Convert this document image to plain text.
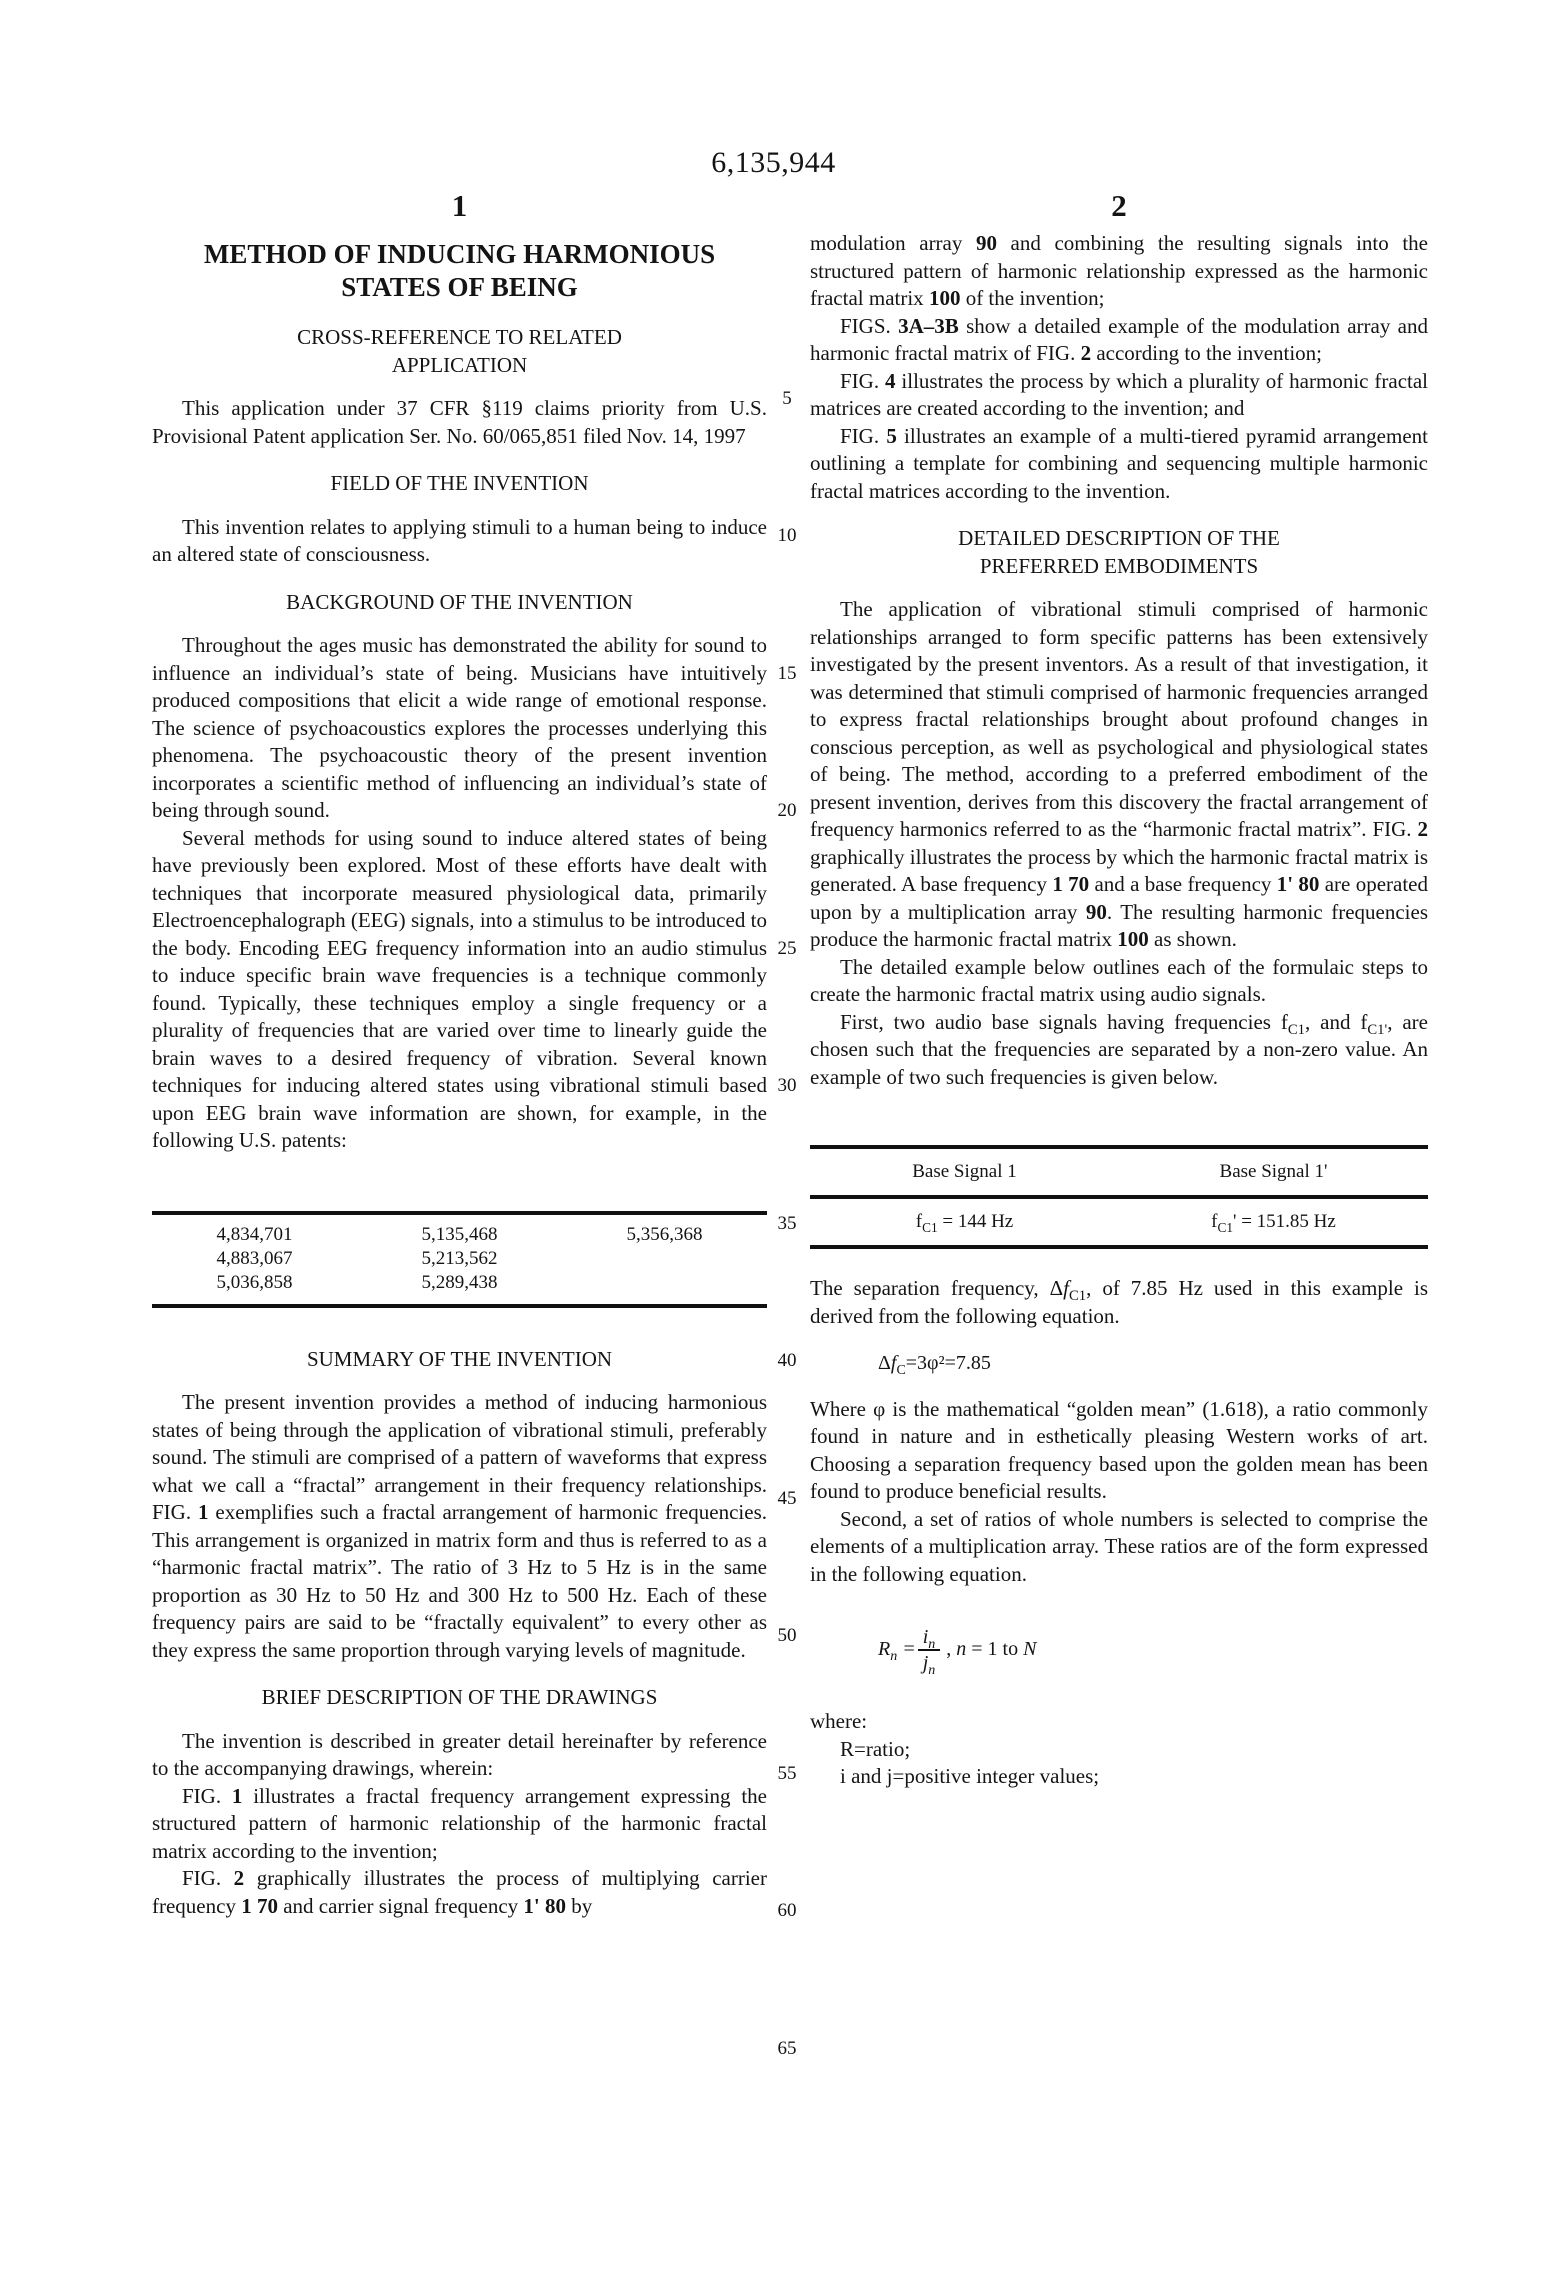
6,135,944
1	2
5
10
15
20
25
30
35
40
45
50
55
60
65
METHOD OF INDUCING HARMONIOUS STATES OF BEING
CROSS-REFERENCE TO RELATED APPLICATION

This application under 37 CFR §119 claims priority from U.S. Provisional Patent application Ser. No. 60/065,851 filed Nov. 14, 1997

FIELD OF THE INVENTION

This invention relates to applying stimuli to a human being to induce an altered state of consciousness.

BACKGROUND OF THE INVENTION

Throughout the ages music has demonstrated the ability for sound to influence an individual’s state of being. Musicians have intuitively produced compositions that elicit a wide range of emotional response. The science of psychoacoustics explores the processes underlying this phenomena. The psychoacoustic theory of the present invention incorporates a scientific method of influencing an individual’s state of being through sound.

Several methods for using sound to induce altered states of being have previously been explored. Most of these efforts have dealt with techniques that incorporate measured physiological data, primarily Electroencephalograph (EEG) signals, into a stimulus to be introduced to the body. Encoding EEG frequency information into an audio stimulus to induce specific brain wave frequencies is a technique commonly found. Typically, these techniques employ a single frequency or a plurality of frequencies that are varied over time to linearly guide the brain waves to a desired frequency of vibration. Several known techniques for inducing altered states using vibrational stimuli based upon EEG brain wave information are shown, for example, in the following U.S. patents:

4,834,701	5,135,468	5,356,368
4,883,067	5,213,562	
5,036,858	5,289,438	
SUMMARY OF THE INVENTION

The present invention provides a method of inducing harmonious states of being through the application of vibrational stimuli, preferably sound. The stimuli are comprised of a pattern of waveforms that express what we call a “fractal” arrangement in their frequency relationships. FIG. 1 exemplifies such a fractal arrangement of harmonic frequencies. This arrangement is organized in matrix form and thus is referred to as a “harmonic fractal matrix”. The ratio of 3 Hz to 5 Hz is in the same proportion as 30 Hz to 50 Hz and 300 Hz to 500 Hz. Each of these frequency pairs are said to be “fractally equivalent” to every other as they express the same proportion through varying levels of magnitude.

BRIEF DESCRIPTION OF THE DRAWINGS

The invention is described in greater detail hereinafter by reference to the accompanying drawings, wherein:

FIG. 1 illustrates a fractal frequency arrangement expressing the structured pattern of harmonic relationship of the harmonic fractal matrix according to the invention;

FIG. 2 graphically illustrates the process of multiplying carrier frequency 1 70 and carrier signal frequency 1' 80 by

modulation array 90 and combining the resulting signals into the structured pattern of harmonic relationship expressed as the harmonic fractal matrix 100 of the invention;

FIGS. 3A–3B show a detailed example of the modulation array and harmonic fractal matrix of FIG. 2 according to the invention;

FIG. 4 illustrates the process by which a plurality of harmonic fractal matrices are created according to the invention; and

FIG. 5 illustrates an example of a multi-tiered pyramid arrangement outlining a template for combining and sequencing multiple harmonic fractal matrices according to the invention.

DETAILED DESCRIPTION OF THE PREFERRED EMBODIMENTS

The application of vibrational stimuli comprised of harmonic relationships arranged to form specific patterns has been extensively investigated by the present inventors. As a result of that investigation, it was determined that stimuli comprised of harmonic frequencies arranged to express fractal relationships brought about profound changes in conscious perception, as well as psychological and physiological states of being. The method, according to a preferred embodiment of the present invention, derives from this discovery the fractal arrangement of frequency harmonics referred to as the “harmonic fractal matrix”. FIG. 2 graphically illustrates the process by which the harmonic fractal matrix is generated. A base frequency 1 70 and a base frequency 1' 80 are operated upon by a multiplication array 90. The resulting harmonic frequencies produce the harmonic fractal matrix 100 as shown.

The detailed example below outlines each of the formulaic steps to create the harmonic fractal matrix using audio signals.

First, two audio base signals having frequencies $f_{C1}$, and $f_{C1'}$, are chosen such that the frequencies are separated by a non-zero value. An example of two such frequencies is given below.

Base Signal 1	Base Signal 1'
$f_{C1} = 144$ Hz	$f_{C1}' = 151.85$ Hz

The separation frequency, $\Delta f_{C1}$, of 7.85 Hz used in this example is derived from the following equation.

$\Delta f_C=3\varphi^2=7.85$

Where φ is the mathematical “golden mean” (1.618), a ratio commonly found in nature and in esthetically pleasing Western works of art. Choosing a separation frequency based upon the golden mean has been found to produce beneficial results.

Second, a set of ratios of whole numbers is selected to comprise the elements of a multiplication array. These ratios are of the form expressed in the following equation.

$R_n = \frac{i_n}{j_n}$ , n = 1 to N

where:

R=ratio;

i and j=positive integer values;
